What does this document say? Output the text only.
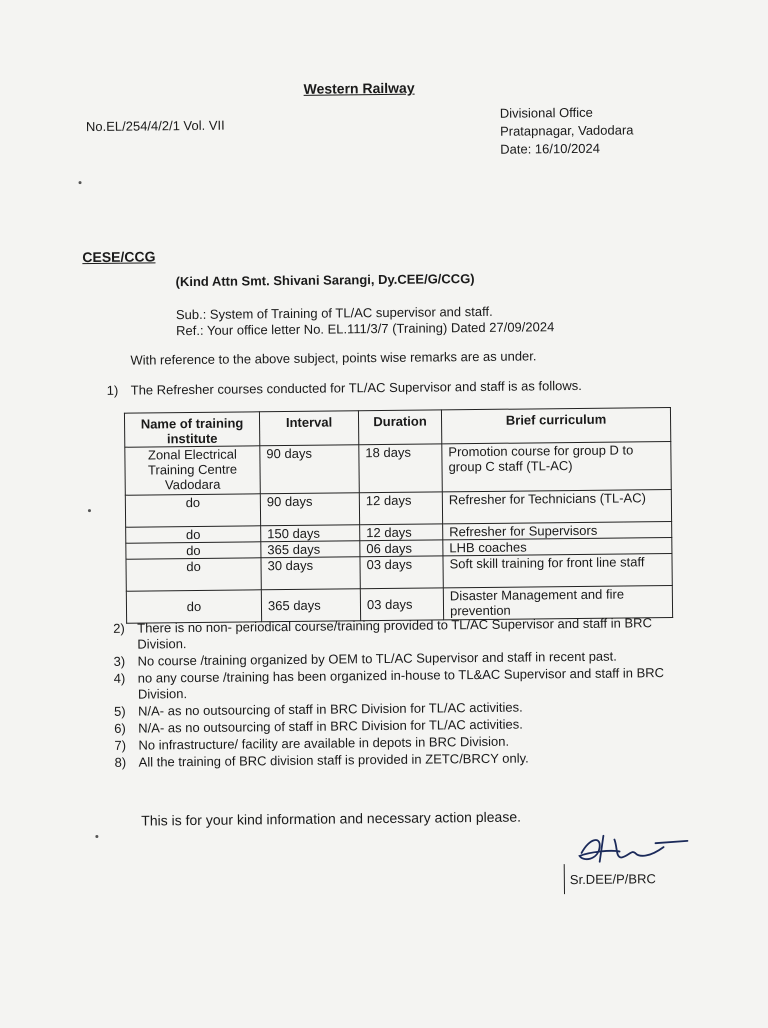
Western Railway
No.EL/254/4/2/1 Vol. VII
Divisional Office
Pratapnagar, Vadodara
Date: 16/10/2024
CESE/CCG
(Kind Attn Smt. Shivani Sarangi, Dy.CEE/G/CCG)
Sub.: System of Training of TL/AC supervisor and staff.
Ref.: Your office letter No. EL.111/3/7 (Training) Dated 27/09/2024
With reference to the above subject, points wise remarks are as under.
1) The Refresher courses conducted for TL/AC Supervisor and staff is as follows.
Name of training institute	Interval	Duration	Brief curriculum
Zonal Electrical Training Centre Vadodara	90 days	18 days	Promotion course for group D to group C staff (TL-AC)
do	90 days	12 days	Refresher for Technicians (TL-AC)
do	150 days	12 days	Refresher for Supervisors
do	365 days	06 days	LHB coaches
do	30 days	03 days	Soft skill training for front line staff
do	365 days	03 days	Disaster Management and fire prevention
2) There is no non- periodical course/training provided to TL/AC Supervisor and staff in BRC Division.
3) No course /training organized by OEM to TL/AC Supervisor and staff in recent past.
4) no any course /training has been organized in-house to TL&AC Supervisor and staff in BRC Division.
5) N/A- as no outsourcing of staff in BRC Division for TL/AC activities.
6) N/A- as no outsourcing of staff in BRC Division for TL/AC activities.
7) No infrastructure/ facility are available in depots in BRC Division.
8) All the training of BRC division staff is provided in ZETC/BRCY only.
This is for your kind information and necessary action please.
Sr.DEE/P/BRC
